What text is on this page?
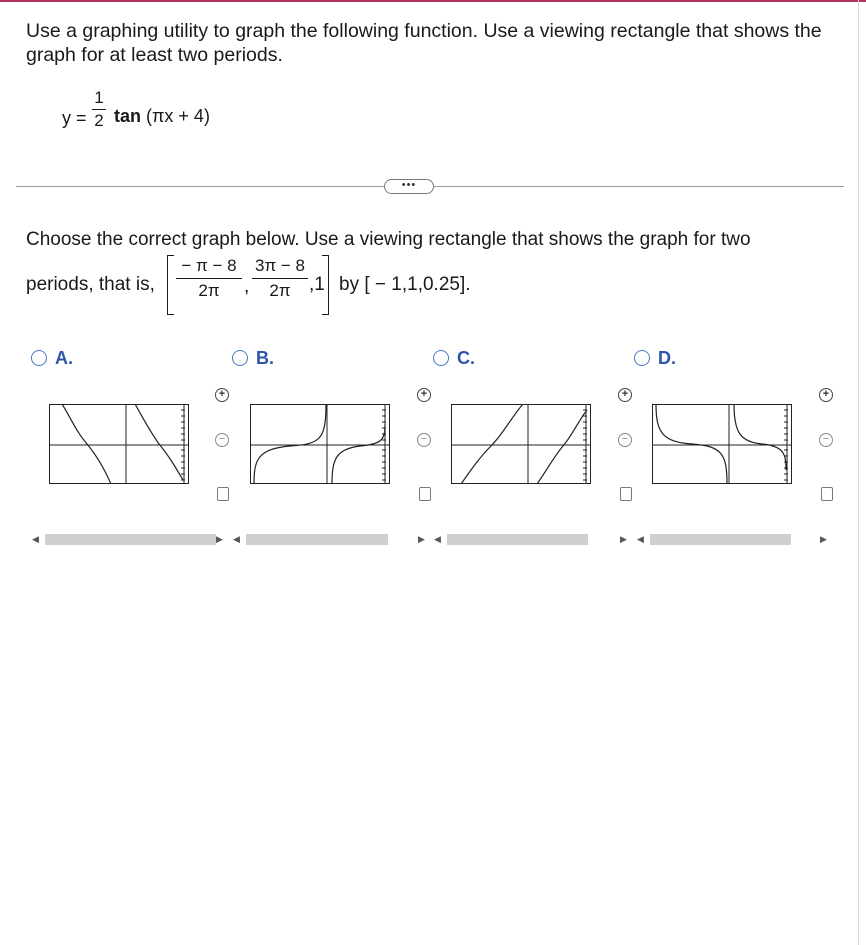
Use a graphing utility to graph the following function. Use a viewing rectangle that shows the graph for at least two periods.
y =
1
2 tan (πx + 4)
•••
Choose the correct graph below. Use a viewing rectangle that shows the graph for two
periods, that is,
− π − 8
2π	,
3π − 8
2π ,1 by [ − 1,1,0.25].
A.
+
−
◀	▶
B.
+
−
◀	▶
C.
+
−
◀	▶
D.
+
−
◀	▶
